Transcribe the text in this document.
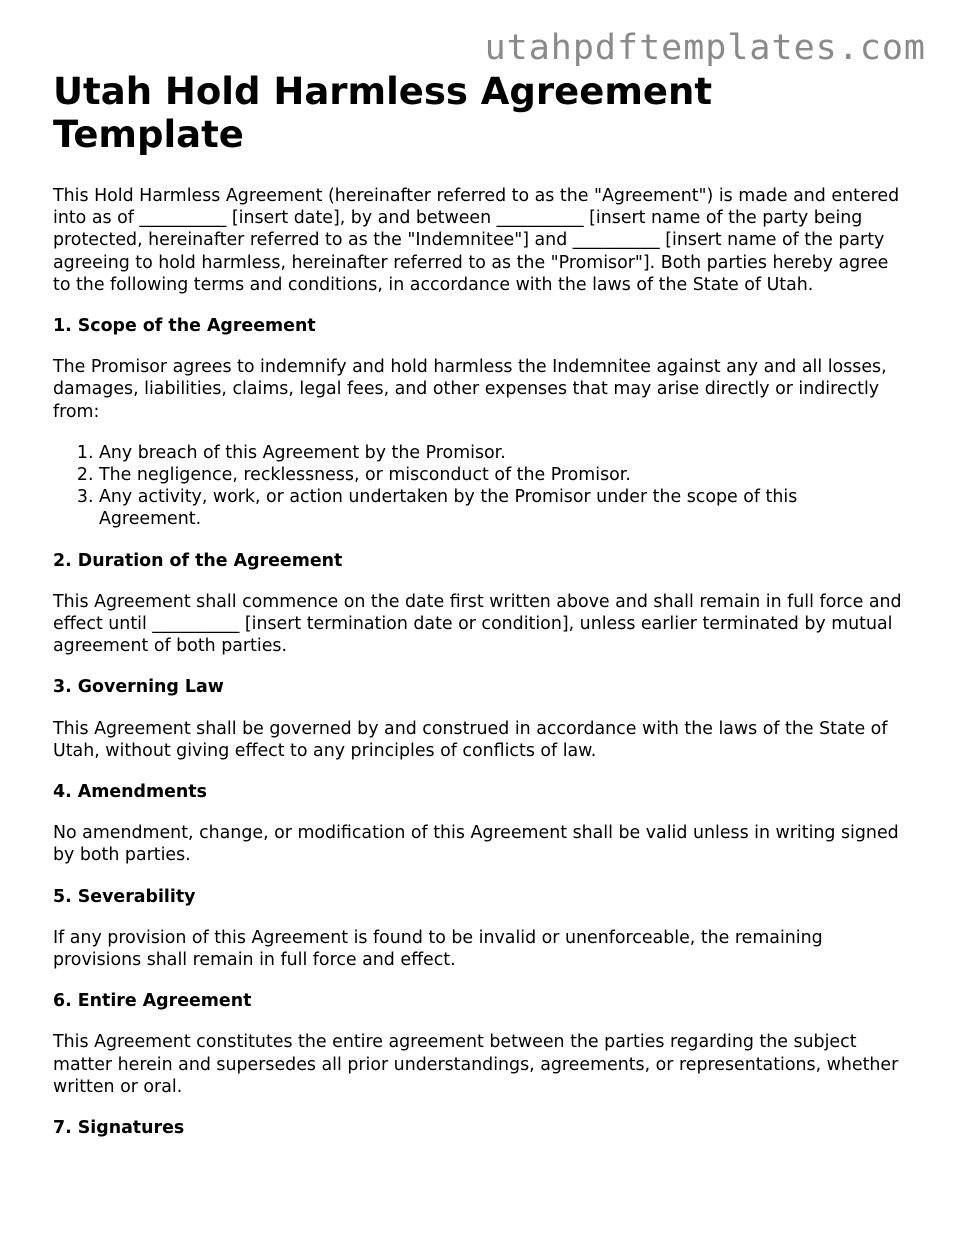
utahpdftemplates.com
Utah Hold Harmless Agreement Template

This Hold Harmless Agreement (hereinafter referred to as the "Agreement") is made and entered into as of __________ [insert date], by and between __________ [insert name of the party being protected, hereinafter referred to as the "Indemnitee"] and __________ [insert name of the party agreeing to hold harmless, hereinafter referred to as the "Promisor"]. Both parties hereby agree to the following terms and conditions, in accordance with the laws of the State of Utah.

1. Scope of the Agreement

The Promisor agrees to indemnify and hold harmless the Indemnitee against any and all losses, damages, liabilities, claims, legal fees, and other expenses that may arise directly or indirectly from:

1. Any breach of this Agreement by the Promisor.
2. The negligence, recklessness, or misconduct of the Promisor.
3. Any activity, work, or action undertaken by the Promisor under the scope of this Agreement.
2. Duration of the Agreement

This Agreement shall commence on the date first written above and shall remain in full force and effect until __________ [insert termination date or condition], unless earlier terminated by mutual agreement of both parties.

3. Governing Law

This Agreement shall be governed by and construed in accordance with the laws of the State of Utah, without giving effect to any principles of conflicts of law.

4. Amendments

No amendment, change, or modification of this Agreement shall be valid unless in writing signed by both parties.

5. Severability

If any provision of this Agreement is found to be invalid or unenforceable, the remaining provisions shall remain in full force and effect.

6. Entire Agreement

This Agreement constitutes the entire agreement between the parties regarding the subject matter herein and supersedes all prior understandings, agreements, or representations, whether written or oral.

7. Signatures
